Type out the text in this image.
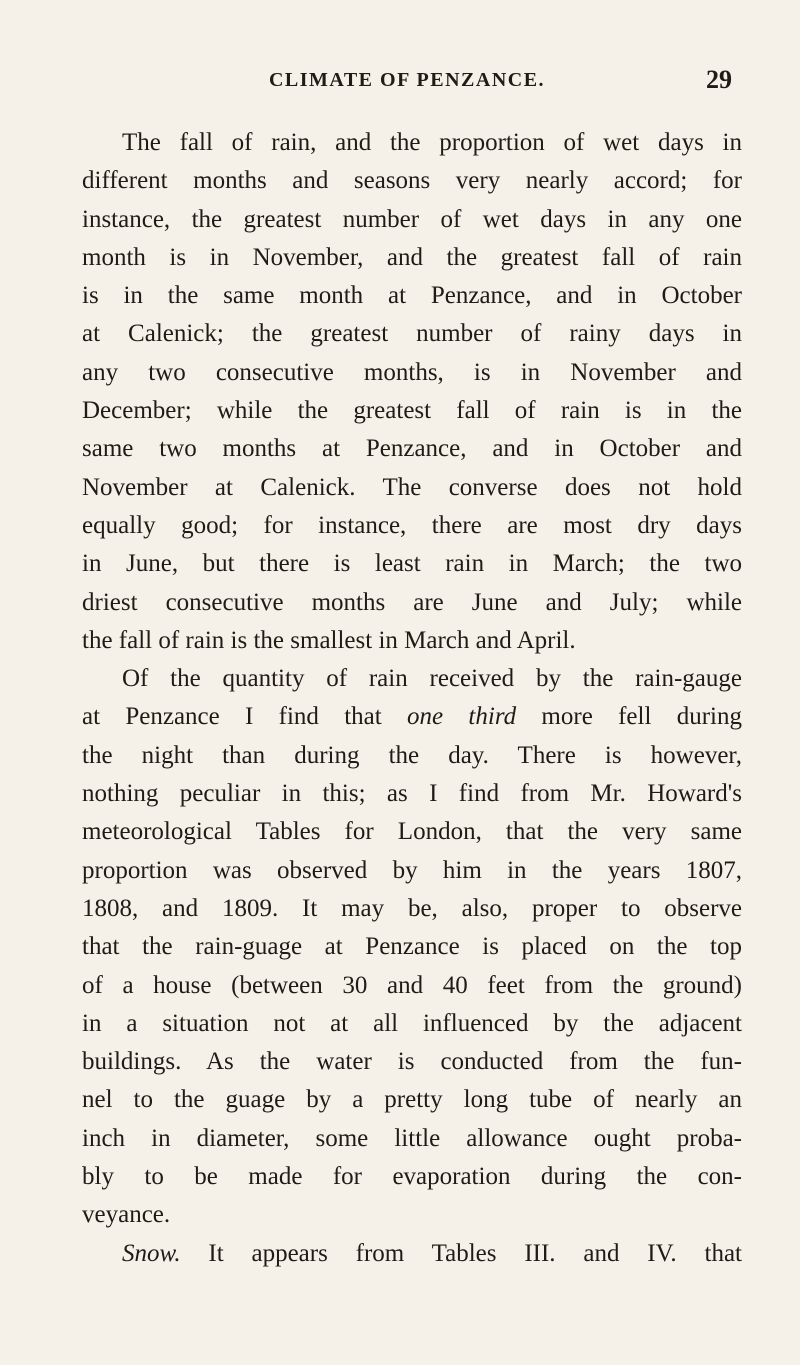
CLIMATE OF PENZANCE.	29
The fall of rain, and the proportion of wet days in
different months and seasons very nearly accord; for
instance, the greatest number of wet days in any one
month is in November, and the greatest fall of rain
is in the same month at Penzance, and in October
at Calenick; the greatest number of rainy days in
any two consecutive months, is in November and
December; while the greatest fall of rain is in the
same two months at Penzance, and in October and
November at Calenick. The converse does not hold
equally good; for instance, there are most dry days
in June, but there is least rain in March; the two
driest consecutive months are June and July; while
the fall of rain is the smallest in March and April.
Of the quantity of rain received by the rain-gauge
at Penzance I find that one third more fell during
the night than during the day. There is however,
nothing peculiar in this; as I find from Mr. Howard's
meteorological Tables for London, that the very same
proportion was observed by him in the years 1807,
1808, and 1809. It may be, also, proper to observe
that the rain-guage at Penzance is placed on the top
of a house (between 30 and 40 feet from the ground)
in a situation not at all influenced by the adjacent
buildings. As the water is conducted from the fun-
nel to the guage by a pretty long tube of nearly an
inch in diameter, some little allowance ought proba-
bly to be made for evaporation during the con-
veyance.
Snow. It appears from Tables III. and IV. that
